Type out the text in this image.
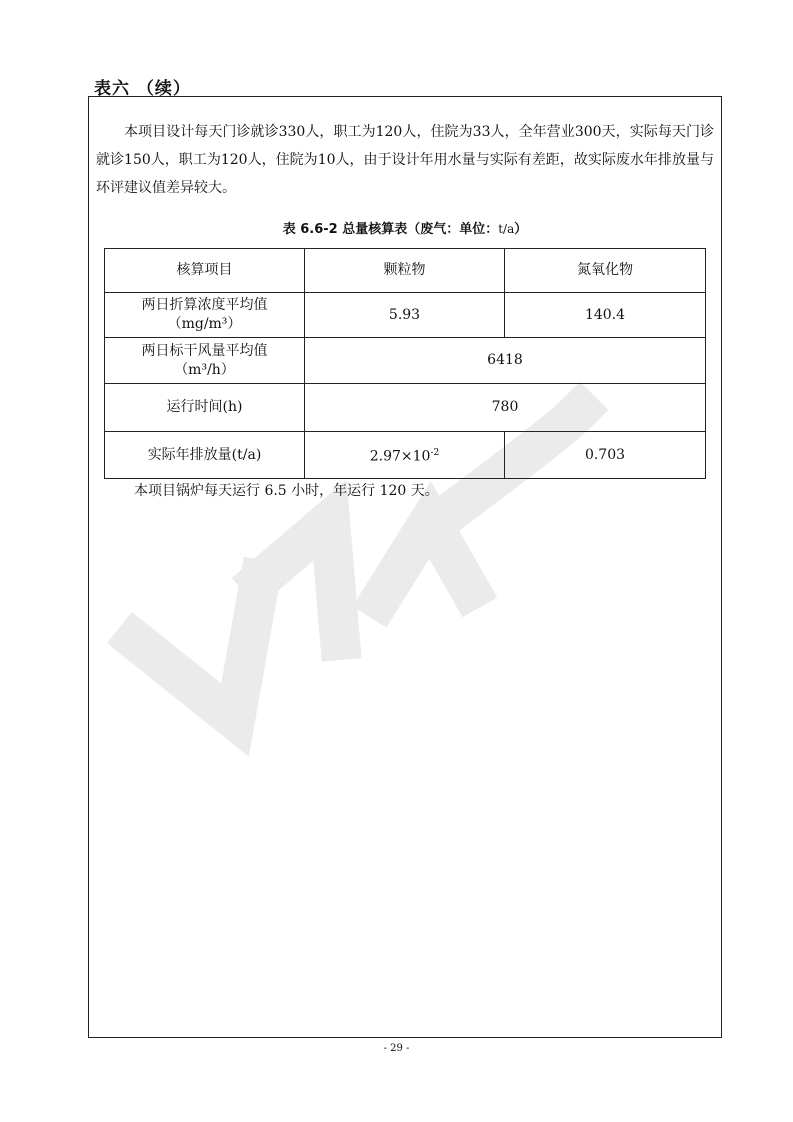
表六 （续）

本项目设计每天门诊就诊330人，职工为120人，住院为33人，全年营业300天，实际每天门诊就诊150人，职工为120人，住院为10人，由于设计年用水量与实际有差距，故实际废水年排放量与环评建议值差异较大。

表 6.6-2 总量核算表（废气：单位：t/a）

核算项目	颗粒物	氮氧化物
两日折算浓度平均值
（mg/m³）	5.93	140.4
两日标干风量平均值
（m³/h）	6418	
运行时间(h)	780	
实际年排放量(t/a)	$2.97\times 10^{-2}$	0.703

本项目锅炉每天运行 6.5 小时，年运行 120 天。

- 29 -
